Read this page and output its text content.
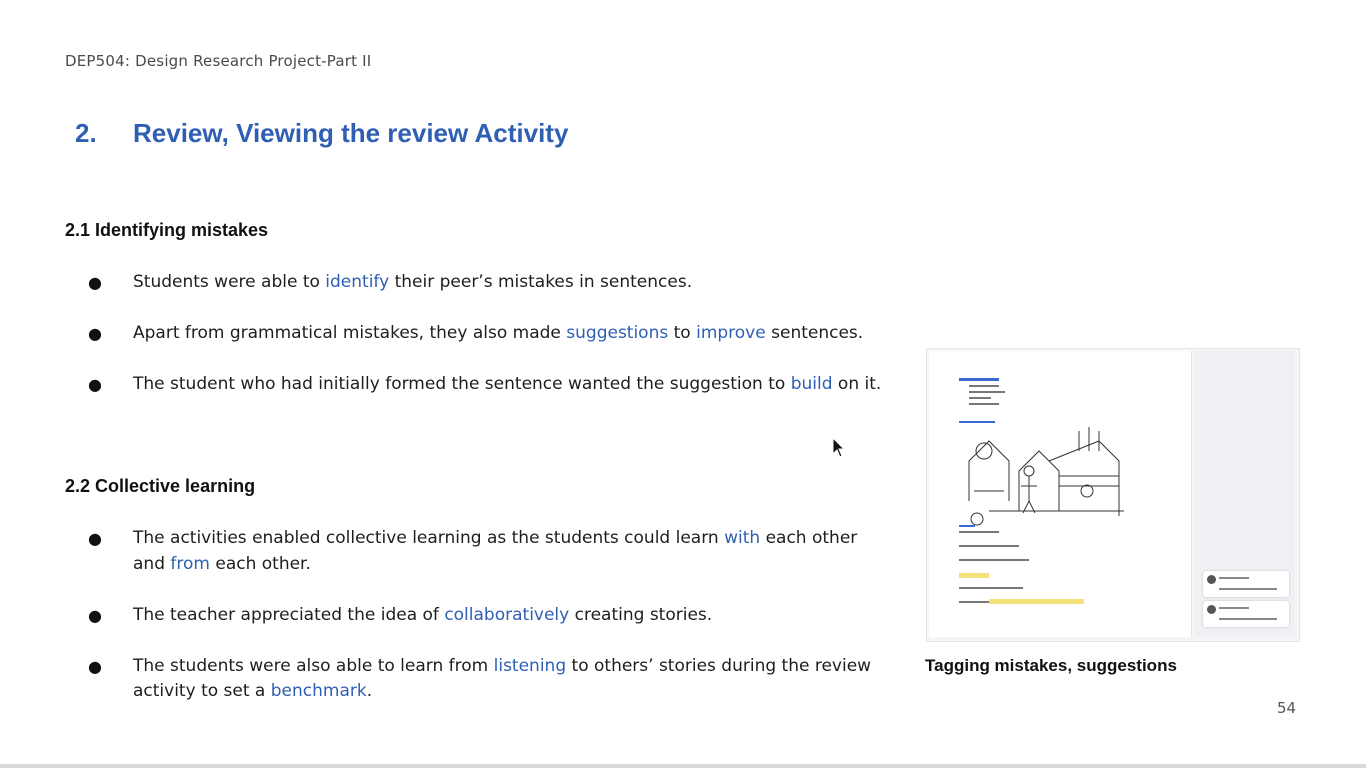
DEP504: Design Research Project-Part II
2.	Review, Viewing the review Activity
2.1 Identifying mistakes
● Students were able to identify their peer’s mistakes in sentences.
● Apart from grammatical mistakes, they also made suggestions to improve sentences.
● The student who had initially formed the sentence wanted the suggestion to build on it.
2.2 Collective learning
● The activities enabled collective learning as the students could learn with each other and from each other.
● The teacher appreciated the idea of collaboratively creating stories.
● The students were also able to learn from listening to others’ stories during the review activity to set a benchmark.
Tagging mistakes, suggestions
54
